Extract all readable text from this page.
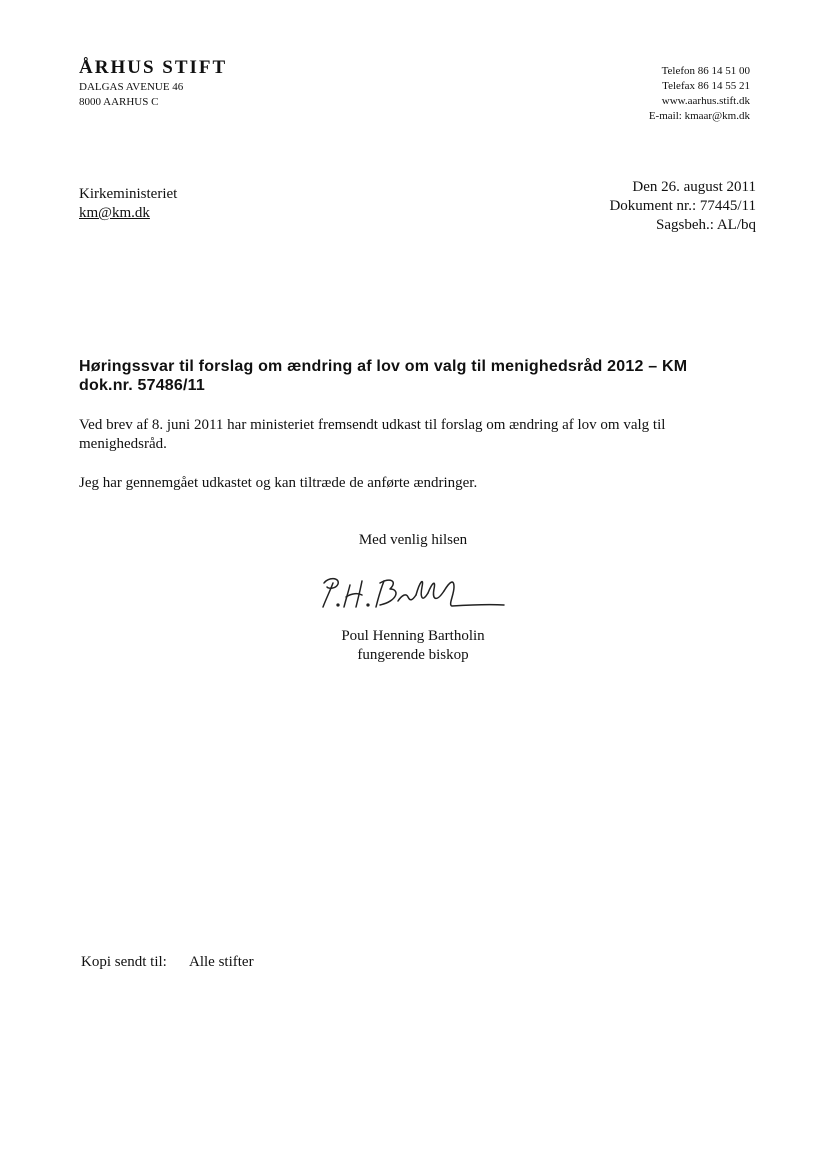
ÅRHUS STIFT
DALGAS AVENUE 46
8000 AARHUS C
Telefon 86 14 51 00
Telefax 86 14 55 21
www.aarhus.stift.dk
E-mail: kmaar@km.dk
Kirkeministeriet
km@km.dk
Den 26. august 2011
Dokument nr.: 77445/11
Sagsbeh.: AL/bq
Høringssvar til forslag om ændring af lov om valg til menighedsråd 2012 – KM
dok.nr. 57486/11
Ved brev af 8. juni 2011 har ministeriet fremsendt udkast til forslag om ændring af lov om valg til menighedsråd.
Jeg har gennemgået udkastet og kan tiltræde de anførte ændringer.
Med venlig hilsen
Poul Henning Bartholin
fungerende biskop
Kopi sendt til: Alle stifter
